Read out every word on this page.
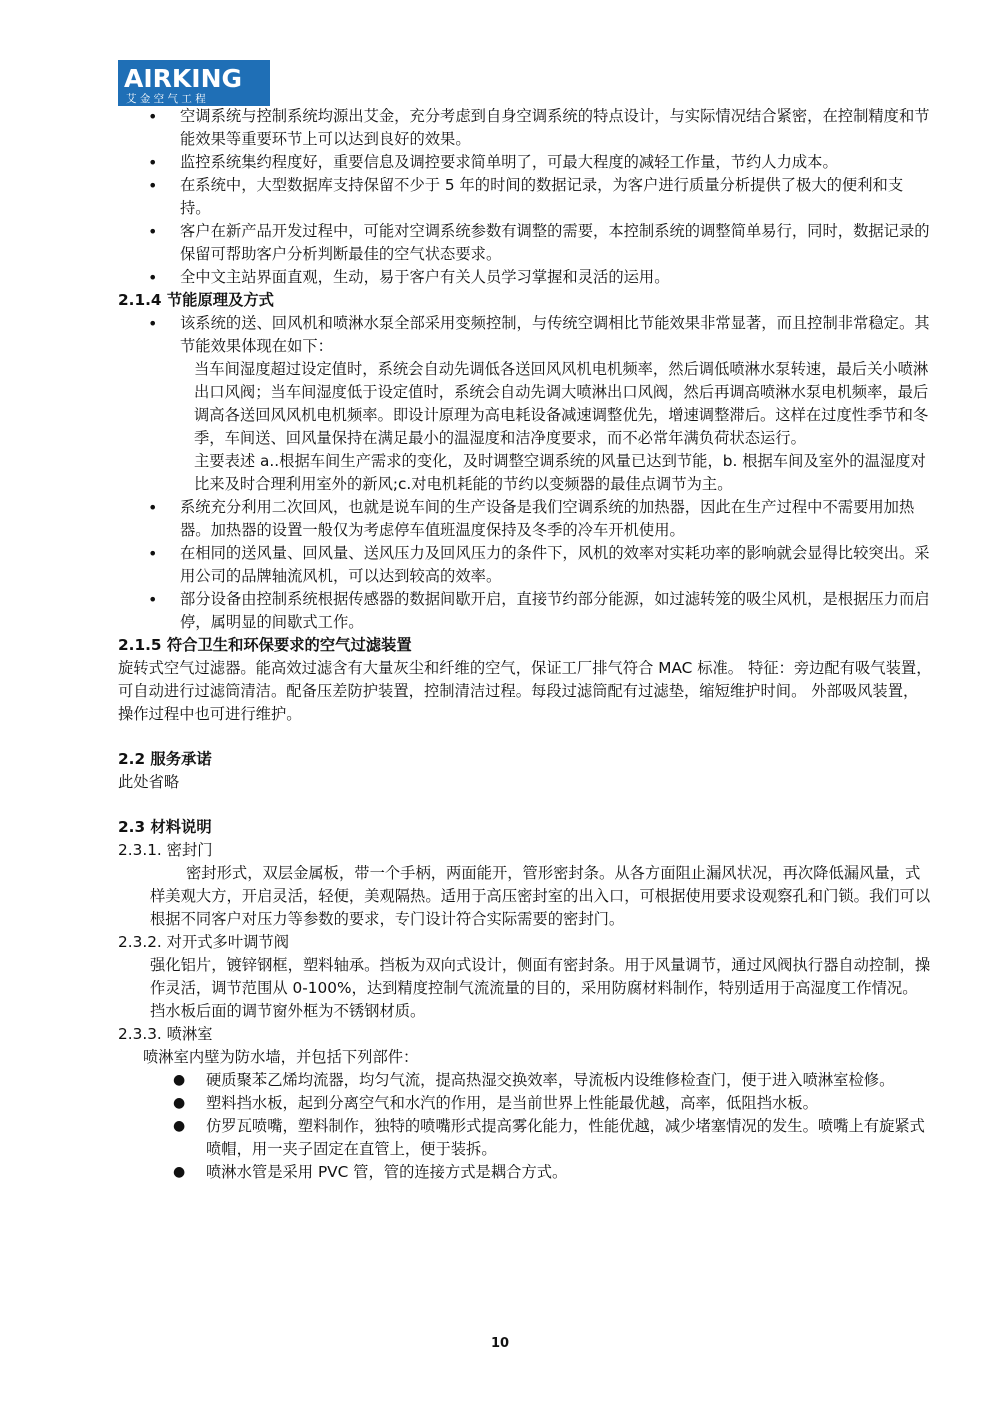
AIRKING
艾 金 空 气 工 程
• 空调系统与控制系统均源出艾金，充分考虑到自身空调系统的特点设计，与实际情况结合紧密，在控制精度和节能效果等重要环节上可以达到良好的效果。
• 监控系统集约程度好，重要信息及调控要求简单明了，可最大程度的减轻工作量，节约人力成本。
• 在系统中，大型数据库支持保留不少于 5 年的时间的数据记录，为客户进行质量分析提供了极大的便利和支持。
• 客户在新产品开发过程中，可能对空调系统参数有调整的需要，本控制系统的调整简单易行，同时，数据记录的保留可帮助客户分析判断最佳的空气状态要求。
• 全中文主站界面直观，生动，易于客户有关人员学习掌握和灵活的运用。

2.1.4 节能原理及方式

• 该系统的送、回风机和喷淋水泵全部采用变频控制，与传统空调相比节能效果非常显著，而且控制非常稳定。其节能效果体现在如下：
当车间湿度超过设定值时，系统会自动先调低各送回风风机电机频率，然后调低喷淋水泵转速，最后关小喷淋出口风阀；当车间湿度低于设定值时，系统会自动先调大喷淋出口风阀，然后再调高喷淋水泵电机频率，最后调高各送回风风机电机频率。即设计原理为高电耗设备减速调整优先，增速调整滞后。这样在过度性季节和冬季，车间送、回风量保持在满足最小的温湿度和洁净度要求，而不必常年满负荷状态运行。
主要表述 a..根据车间生产需求的变化，及时调整空调系统的风量已达到节能，b. 根据车间及室外的温湿度对比来及时合理利用室外的新风;c.对电机耗能的节约以变频器的最佳点调节为主。
• 系统充分利用二次回风，也就是说车间的生产设备是我们空调系统的加热器，因此在生产过程中不需要用加热器。加热器的设置一般仅为考虑停车值班温度保持及冬季的冷车开机使用。
• 在相同的送风量、回风量、送风压力及回风压力的条件下，风机的效率对实耗功率的影响就会显得比较突出。采用公司的品牌轴流风机，可以达到较高的效率。
• 部分设备由控制系统根据传感器的数据间歇开启，直接节约部分能源，如过滤转笼的吸尘风机，是根据压力而启停，属明显的间歇式工作。

2.1.5 符合卫生和环保要求的空气过滤装置

旋转式空气过滤器。能高效过滤含有大量灰尘和纤维的空气，保证工厂排气符合 MAC 标准。 特征：旁边配有吸气装置，可自动进行过滤筒清洁。配备压差防护装置，控制清洁过程。每段过滤筒配有过滤垫，缩短维护时间。 外部吸风装置，操作过程中也可进行维护。

2.2 服务承诺

此处省略

2.3 材料说明

2.3.1. 密封门

密封形式，双层金属板，带一个手柄，两面能开，管形密封条。从各方面阻止漏风状况，再次降低漏风量，式样美观大方，开启灵活，轻便，美观隔热。适用于高压密封室的出入口，可根据使用要求设观察孔和门锁。我们可以根据不同客户对压力等参数的要求，专门设计符合实际需要的密封门。

2.3.2. 对开式多叶调节阀

强化铝片，镀锌钢框，塑料轴承。挡板为双向式设计，侧面有密封条。用于风量调节，通过风阀执行器自动控制，操作灵活，调节范围从 0-100%，达到精度控制气流流量的目的，采用防腐材料制作，特别适用于高湿度工作情况。

挡水板后面的调节窗外框为不锈钢材质。

2.3.3. 喷淋室

喷淋室内壁为防水墙，并包括下列部件：

● 硬质聚苯乙烯均流器，均匀气流，提高热湿交换效率，导流板内设维修检查门，便于进入喷淋室检修。
● 塑料挡水板，起到分离空气和水汽的作用，是当前世界上性能最优越，高率，低阻挡水板。
● 仿罗瓦喷嘴，塑料制作，独特的喷嘴形式提高雾化能力，性能优越，减少堵塞情况的发生。喷嘴上有旋紧式喷帽，用一夹子固定在直管上，便于装拆。
● 喷淋水管是采用 PVC 管，管的连接方式是耦合方式。
10
